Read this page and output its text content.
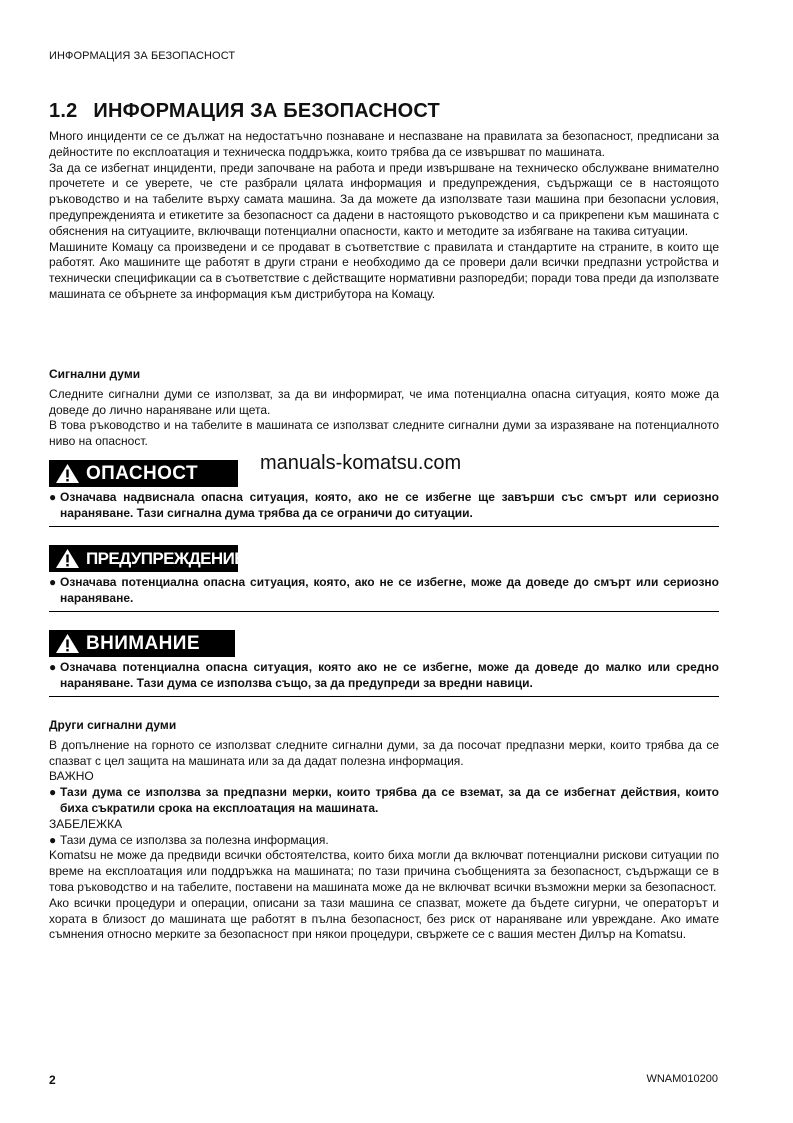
ИНФОРМАЦИЯ ЗА БЕЗОПАСНОСТ
1.2 ИНФОРМАЦИЯ ЗА БЕЗОПАСНОСТ

Много инциденти се се дължат на недостатъчно познаване и неспазване на правилата за безопасност, предписани за дейностите по експлоатация и техническа поддръжка, които трябва да се извършват по машината.

За да се избегнат инциденти, преди започване на работа и преди извършване на техническо обслужване внимателно прочетете и се уверете, че сте разбрали цялата информация и предупреждения, съдържащи се в настоящото ръководство и на табелите върху самата машина. За да можете да използвате тази машина при безопасни условия, предупрежденията и етикетите за безопасност са дадени в настоящото ръководство и са прикрепени към машината с обяснения на ситуациите, включващи потенциални опасности, както и методите за избягване на такива ситуации.

Машините Комацу са произведени и се продават в съответствие с правилата и стандартите на страните, в които ще работят. Ако машините ще работят в други страни е необходимо да се провери дали всички предпазни устройства и технически спецификации са в съответствие с действащите нормативни разпоредби; поради това преди да използвате машината се обърнете за информация към дистрибутора на Комацу.

Сигнални думи

Следните сигнални думи се използват, за да ви информират, че има потенциална опасна ситуация, която може да доведе до лично нараняване или щета.

В това ръководство и на табелите в машината се използват следните сигнални думи за изразяване на потенциалното ниво на опасност.

manuals-komatsu.com
ОПАСНОСТ
● Означава надвиснала опасна ситуация, която, ако не се избегне ще завърши със смърт или сериозно нараняване. Тази сигнална дума трябва да се ограничи до ситуации.
ПРЕДУПРЕЖДЕНИЕ
● Означава потенциална опасна ситуация, която, ако не се избегне, може да доведе до смърт или сериозно нараняване.
ВНИМАНИЕ
● Означава потенциална опасна ситуация, която ако не се избегне, може да доведе до малко или средно нараняване. Тази дума се използва също, за да предупреди за вредни навици.

Други сигнални думи

В допълнение на горното се използват следните сигнални думи, за да посочат предпазни мерки, които трябва да се спазват с цел защита на машината или за да дадат полезна информация.

ВАЖНО

● Тази дума се използва за предпазни мерки, които трябва да се вземат, за да се избегнат действия, които биха съкратили срока на експлоатация на машината.

ЗАБЕЛЕЖКА

● Тази дума се използва за полезна информация.

Komatsu не може да предвиди всички обстоятелства, които биха могли да включват потенциални рискови ситуации по време на експлоатация или поддръжка на машината; по тази причина съобщенията за безопасност, съдържащи се в това ръководство и на табелите, поставени на машината може да не включват всички възможни мерки за безопасност.

Ако всички процедури и операции, описани за тази машина се спазват, можете да бъдете сигурни, че операторът и хората в близост до машината ще работят в пълна безопасност, без риск от нараняване или увреждане. Ако имате съмнения относно мерките за безопасност при някои процедури, свържете се с вашия местен Дилър на Komatsu.

2	WNAM010200
